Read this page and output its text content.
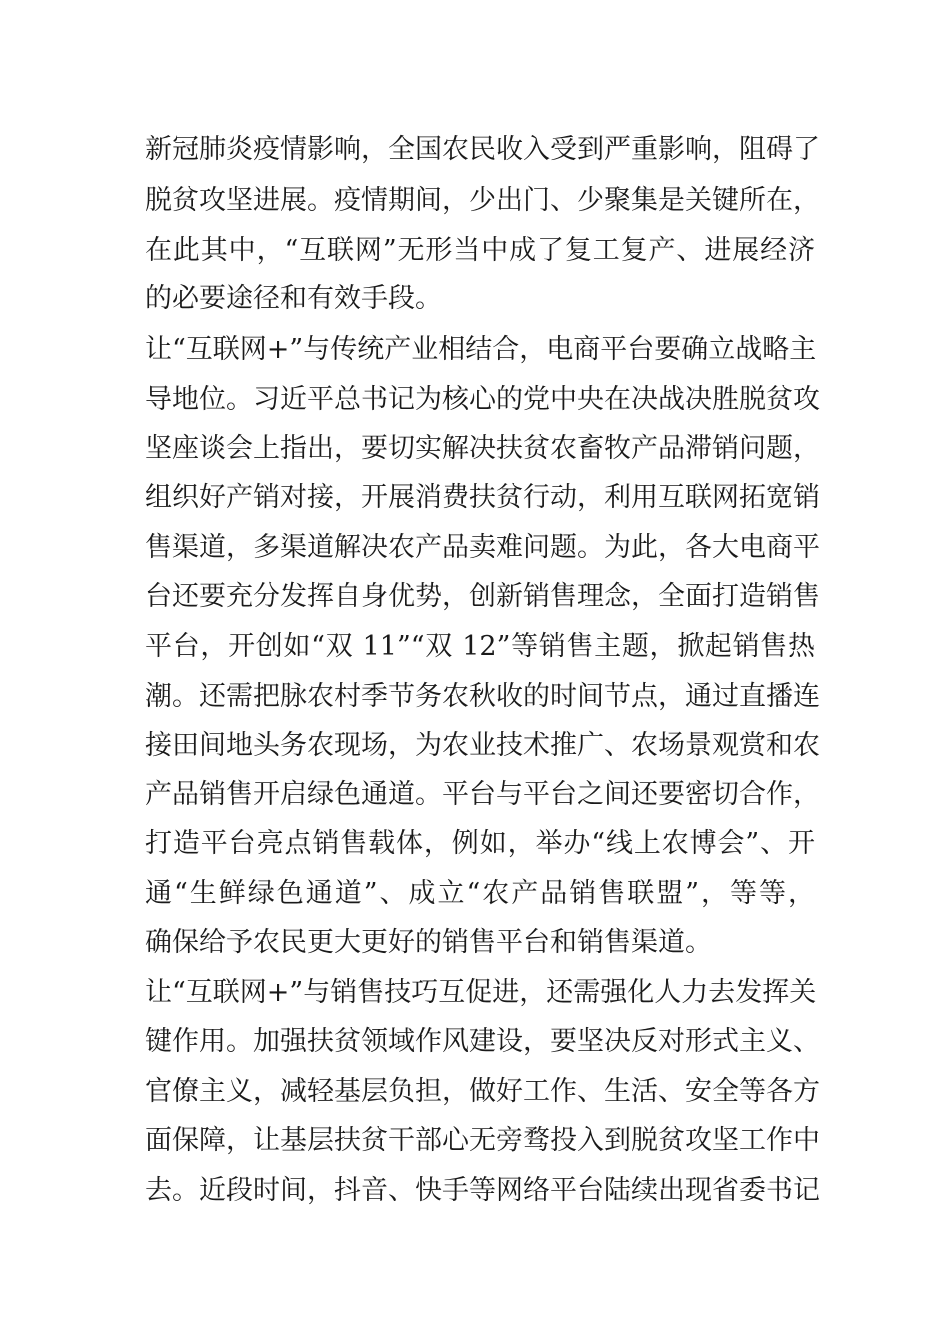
新冠肺炎疫情影响，全国农民收入受到严重影响，阻碍了
脱贫攻坚进展。疫情期间，少出门、少聚集是关键所在，
在此其中，“互联网”无形当中成了复工复产、进展经济
的必要途径和有效手段。
让“互联网+”与传统产业相结合，电商平台要确立战略主
导地位。习近平总书记为核心的党中央在决战决胜脱贫攻
坚座谈会上指出，要切实解决扶贫农畜牧产品滞销问题，
组织好产销对接，开展消费扶贫行动，利用互联网拓宽销
售渠道，多渠道解决农产品卖难问题。为此，各大电商平
台还要充分发挥自身优势，创新销售理念，全面打造销售
平台，开创如“双 11”“双 12”等销售主题，掀起销售热
潮。还需把脉农村季节务农秋收的时间节点，通过直播连
接田间地头务农现场，为农业技术推广、农场景观赏和农
产品销售开启绿色通道。平台与平台之间还要密切合作，
打造平台亮点销售载体，例如，举办“线上农博会”、开
通“生鲜绿色通道”、成立“农产品销售联盟”，等等，
确保给予农民更大更好的销售平台和销售渠道。
让“互联网+”与销售技巧互促进，还需强化人力去发挥关
键作用。加强扶贫领域作风建设，要坚决反对形式主义、
官僚主义，减轻基层负担，做好工作、生活、安全等各方
面保障，让基层扶贫干部心无旁骛投入到脱贫攻坚工作中
去。近段时间，抖音、快手等网络平台陆续出现省委书记
